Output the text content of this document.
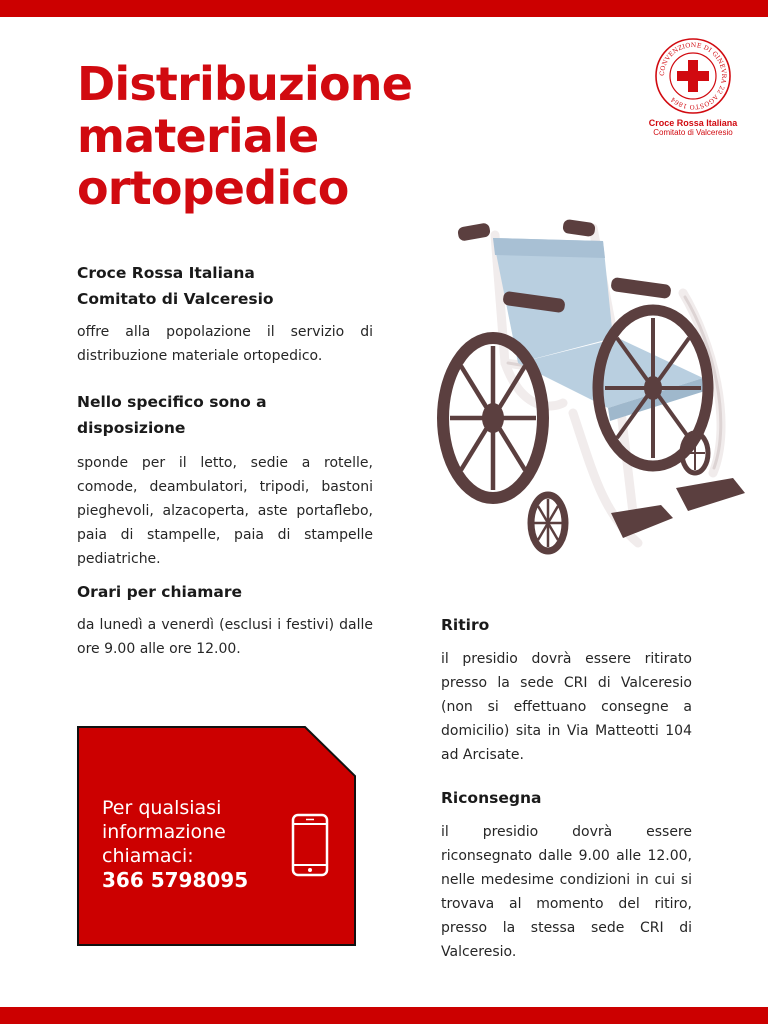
Distribuzione
materiale
ortopedico
CONVENZIONE DI GINEVRA 22 AGOSTO 1864
Croce Rossa Italiana
Comitato di Valceresio
Croce Rossa Italiana
Comitato di Valceresio
offre alla popolazione il servizio di distribuzione materiale ortopedico.
Nello specifico sono a
disposizione
sponde per il letto, sedie a rotelle, comode, deambulatori, tripodi, bastoni pieghevoli, alzacoperta, aste portaflebo, paia di stampelle, paia di stampelle pediatriche.
Orari per chiamare
da lunedì a venerdì (esclusi i festivi) dalle ore 9.00 alle ore 12.00.
Ritiro
il presidio dovrà essere ritirato presso la sede CRI di Valceresio (non si effettuano consegne a domicilio) sita in Via Matteotti 104 ad Arcisate.
Riconsegna
il presidio dovrà essere riconsegnato dalle 9.00 alle 12.00, nelle medesime condizioni in cui si trovava al momento del ritiro, presso la stessa sede CRI di Valceresio.
Per qualsiasi
informazione
chiamaci:
366 5798095
